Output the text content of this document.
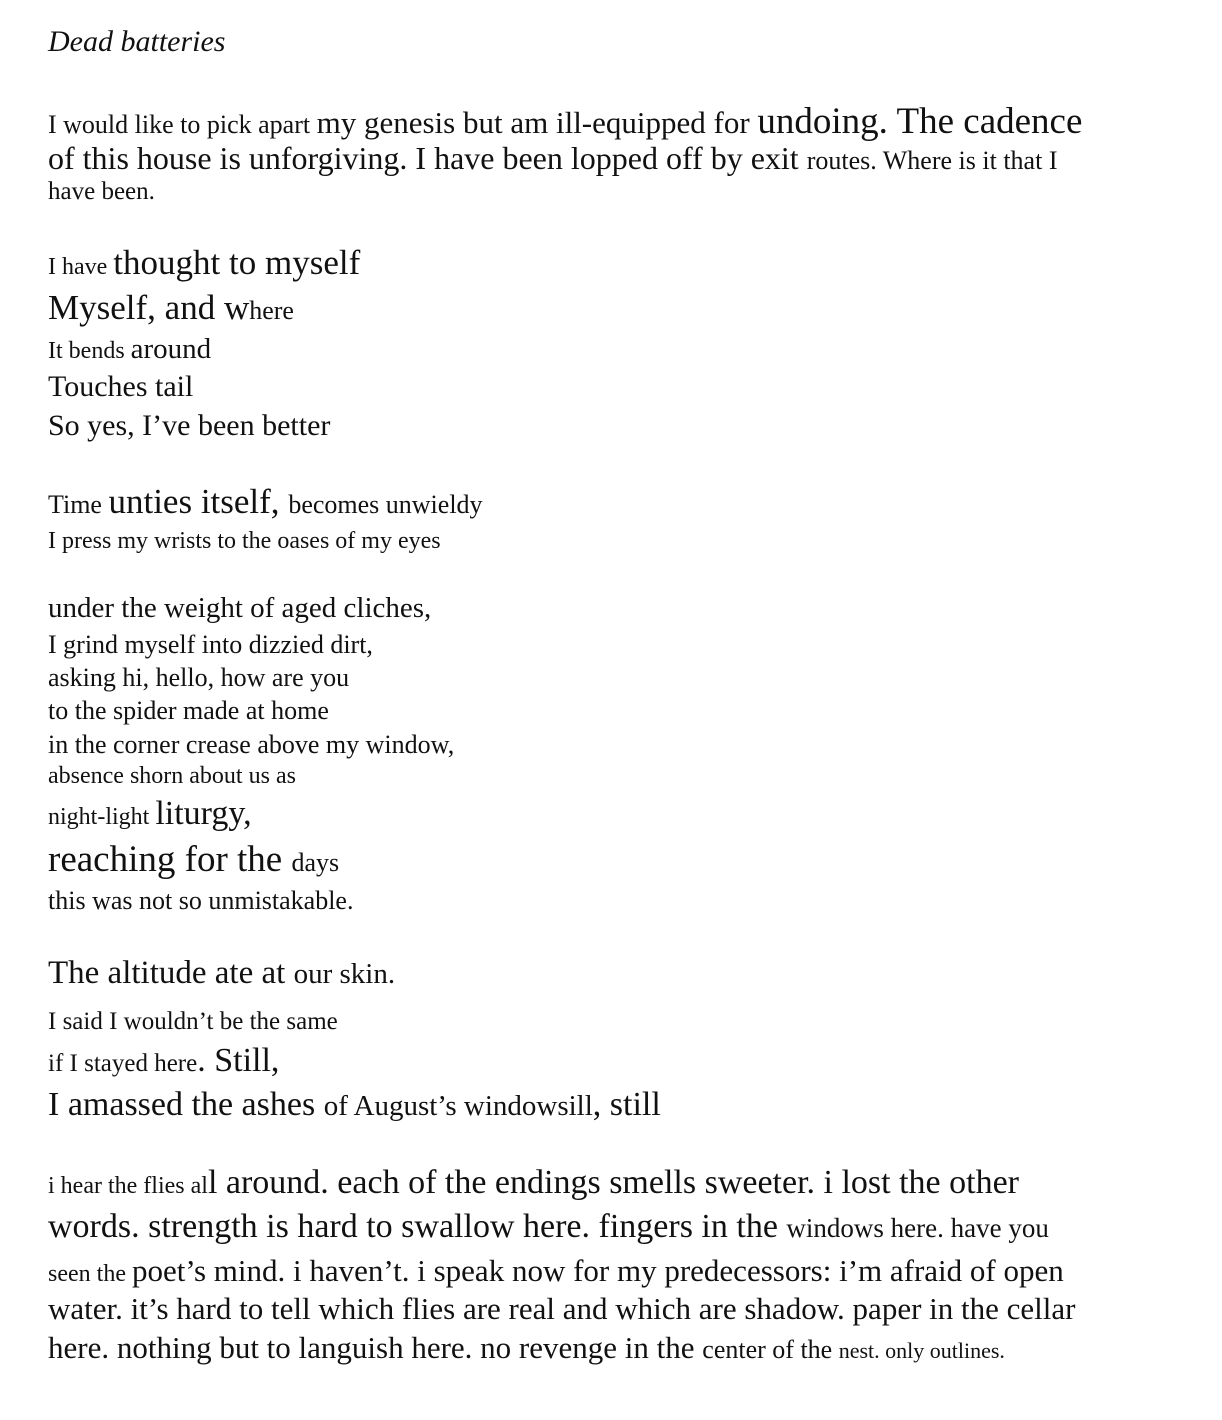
Dead batteries
I would like to pick apart my genesis but am ill-equipped for undoing. The cadence
of this house is unforgiving. I have been lopped off by exit routes. Where is it that I
have been.
I have thought to myself
Myself, and where
It bends around
Touches tail
So yes, I’ve been better
Time unties itself, becomes unwieldy
I press my wrists to the oases of my eyes
under the weight of aged cliches,
I grind myself into dizzied dirt,
asking hi, hello, how are you
to the spider made at home
in the corner crease above my window,
absence shorn about us as
night-light liturgy,
reaching for the days
this was not so unmistakable.
The altitude ate at our skin.
I said I wouldn’t be the same
if I stayed here. Still,
I amassed the ashes of August’s windowsill, still
i hear the flies all around. each of the endings smells sweeter. i lost the other
words. strength is hard to swallow here. fingers in the windows here. have you
seen the poet’s mind. i haven’t. i speak now for my predecessors: i’m afraid of open
water. it’s hard to tell which flies are real and which are shadow. paper in the cellar
here. nothing but to languish here. no revenge in the center of the nest. only outlines.
